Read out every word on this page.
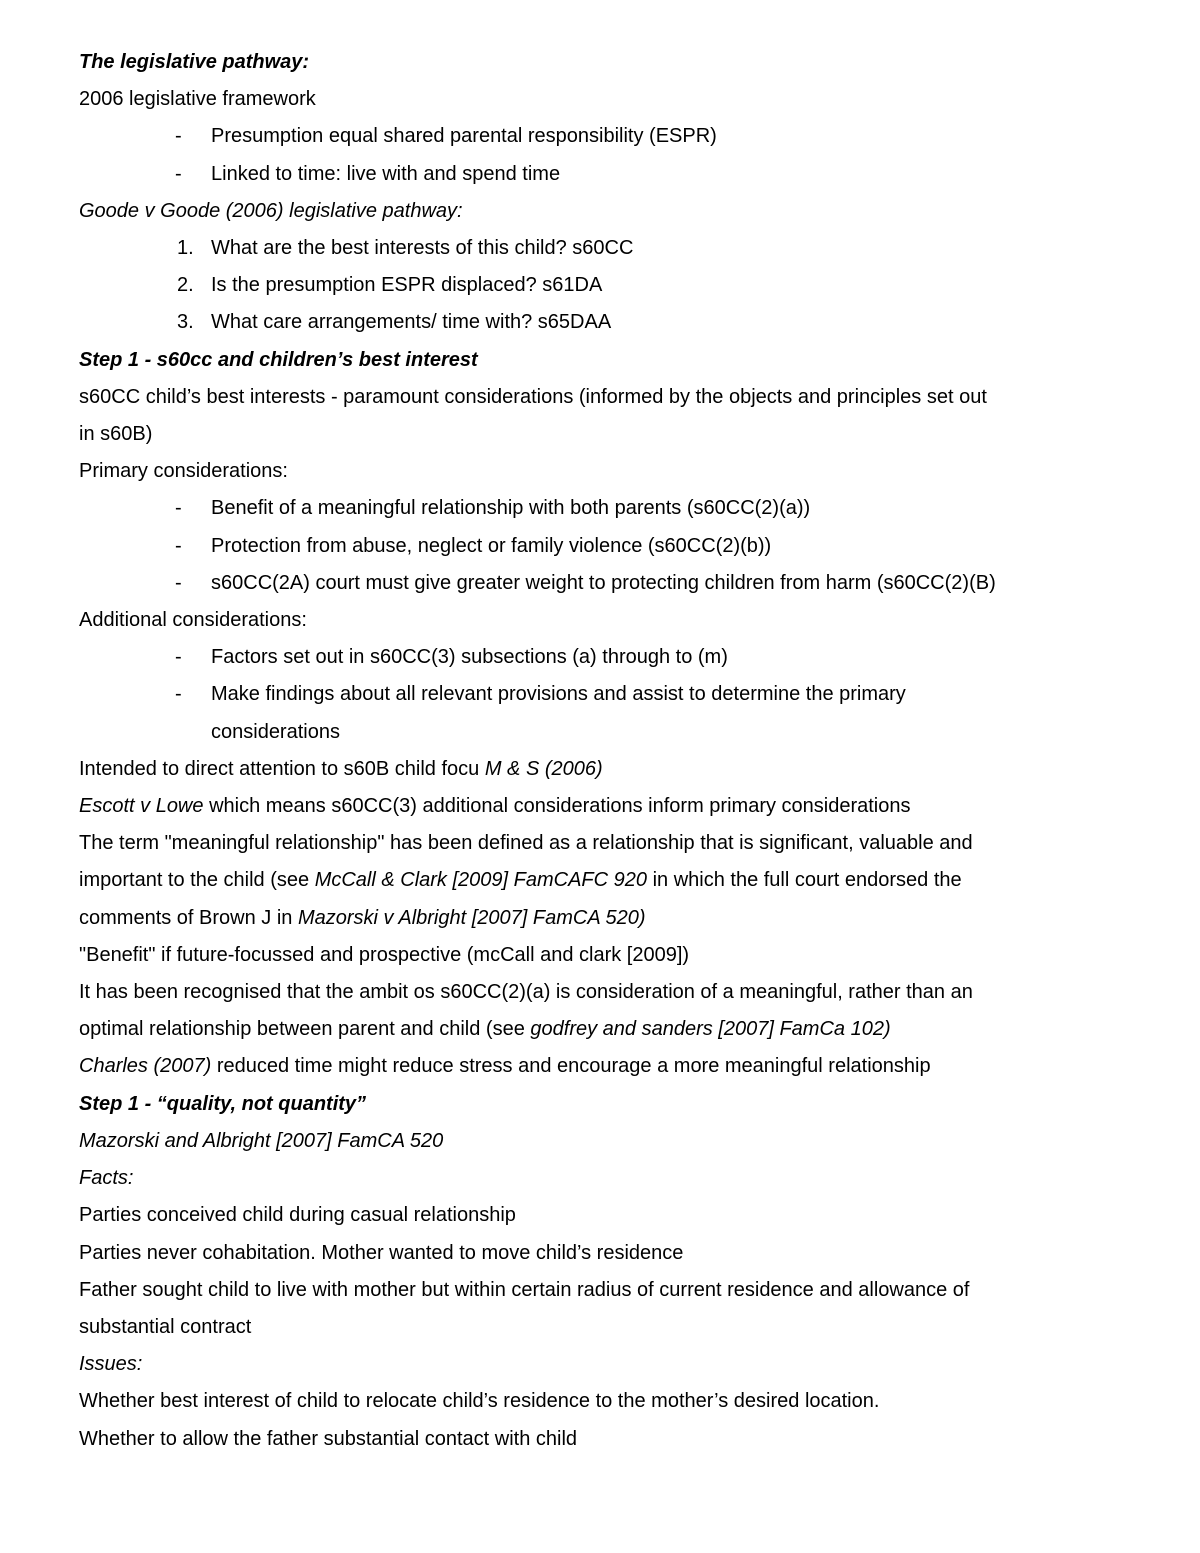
The legislative pathway:
2006 legislative framework
-	Presumption equal shared parental responsibility (ESPR)
-	Linked to time: live with and spend time
Goode v Goode (2006) legislative pathway:
1. What are the best interests of this child? s60CC
2. Is the presumption ESPR displaced? s61DA
3. What care arrangements/ time with? s65DAA
Step 1 - s60cc and children’s best interest
s60CC child’s best interests - paramount considerations (informed by the objects and principles set out
in s60B)
Primary considerations:
-	Benefit of a meaningful relationship with both parents (s60CC(2)(a))
-	Protection from abuse, neglect or family violence (s60CC(2)(b))
-	s60CC(2A) court must give greater weight to protecting children from harm (s60CC(2)(B)
Additional considerations:
-	Factors set out in s60CC(3) subsections (a) through to (m)
-	Make findings about all relevant provisions and assist to determine the primary considerations
Intended to direct attention to s60B child focu M & S (2006)
Escott v Lowe which means s60CC(3) additional considerations inform primary considerations
The term "meaningful relationship" has been defined as a relationship that is significant, valuable and
important to the child (see McCall & Clark [2009] FamCAFC 920 in which the full court endorsed the
comments of Brown J in Mazorski v Albright [2007] FamCA 520)
"Benefit" if future-focussed and prospective (mcCall and clark [2009])
It has been recognised that the ambit os s60CC(2)(a) is consideration of a meaningful, rather than an
optimal relationship between parent and child (see godfrey and sanders [2007] FamCa 102)
Charles (2007) reduced time might reduce stress and encourage a more meaningful relationship
Step 1 - “quality, not quantity”
Mazorski and Albright [2007] FamCA 520
Facts:
Parties conceived child during casual relationship
Parties never cohabitation. Mother wanted to move child’s residence
Father sought child to live with mother but within certain radius of current residence and allowance of
substantial contract
Issues:
Whether best interest of child to relocate child’s residence to the mother’s desired location.
Whether to allow the father substantial contact with child
